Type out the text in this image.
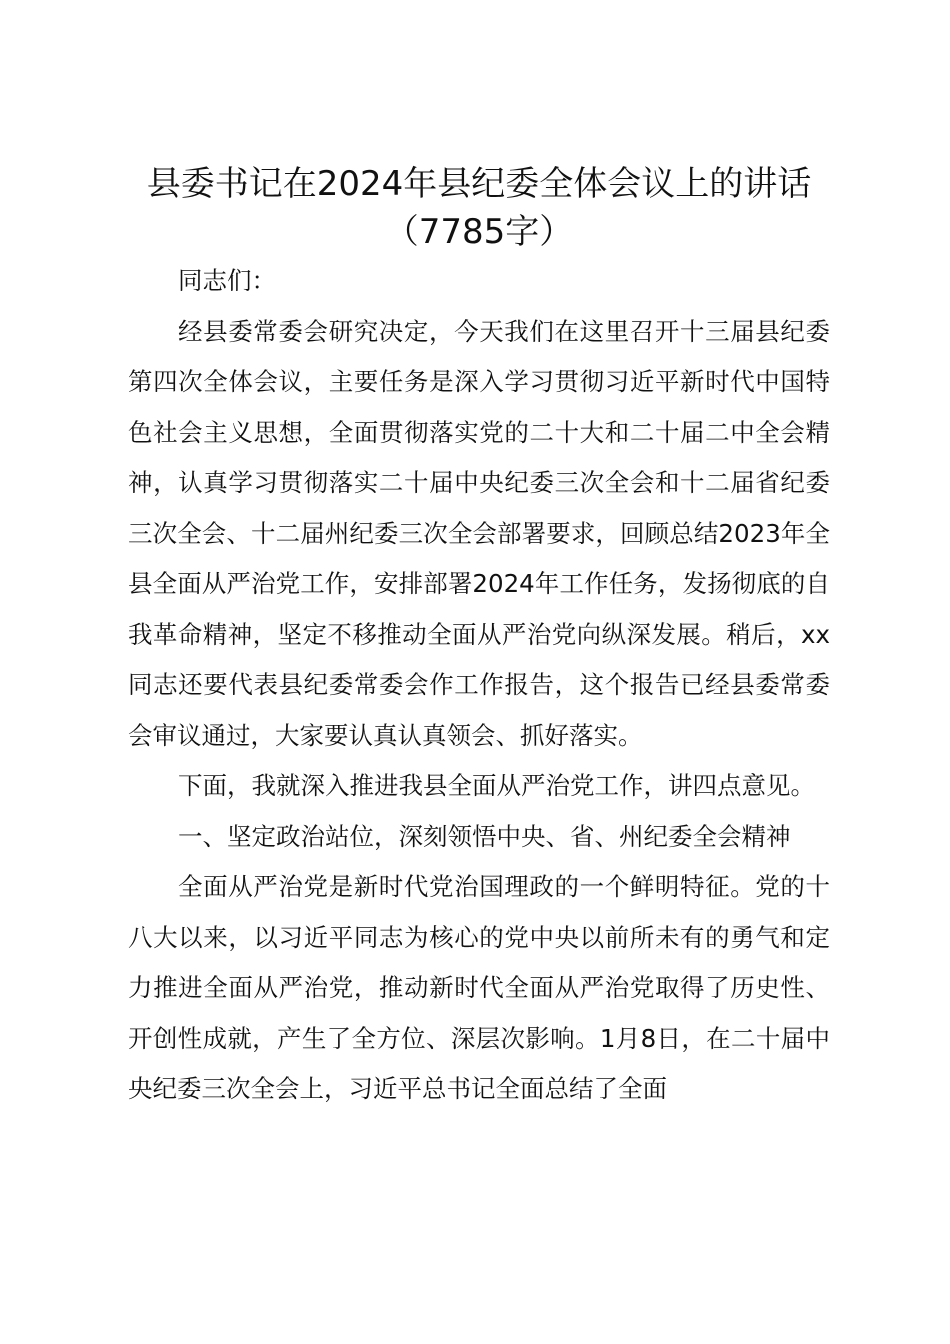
县委书记在2024年县纪委全体会议上的讲话
（7785字）

同志们：

经县委常委会研究决定，今天我们在这里召开十三届县纪委第四次全体会议，主要任务是深入学习贯彻习近平新时代中国特色社会主义思想，全面贯彻落实党的二十大和二十届二中全会精神，认真学习贯彻落实二十届中央纪委三次全会和十二届省纪委三次全会、十二届州纪委三次全会部署要求，回顾总结2023年全县全面从严治党工作，安排部署2024年工作任务，发扬彻底的自我革命精神，坚定不移推动全面从严治党向纵深发展。稍后，xx同志还要代表县纪委常委会作工作报告，这个报告已经县委常委会审议通过，大家要认真认真领会、抓好落实。

下面，我就深入推进我县全面从严治党工作，讲四点意见。

一、坚定政治站位，深刻领悟中央、省、州纪委全会精神

全面从严治党是新时代党治国理政的一个鲜明特征。党的十八大以来，以习近平同志为核心的党中央以前所未有的勇气和定力推进全面从严治党，推动新时代全面从严治党取得了历史性、开创性成就，产生了全方位、深层次影响。1月8日，在二十届中央纪委三次全会上，习近平总书记全面总结了全面
